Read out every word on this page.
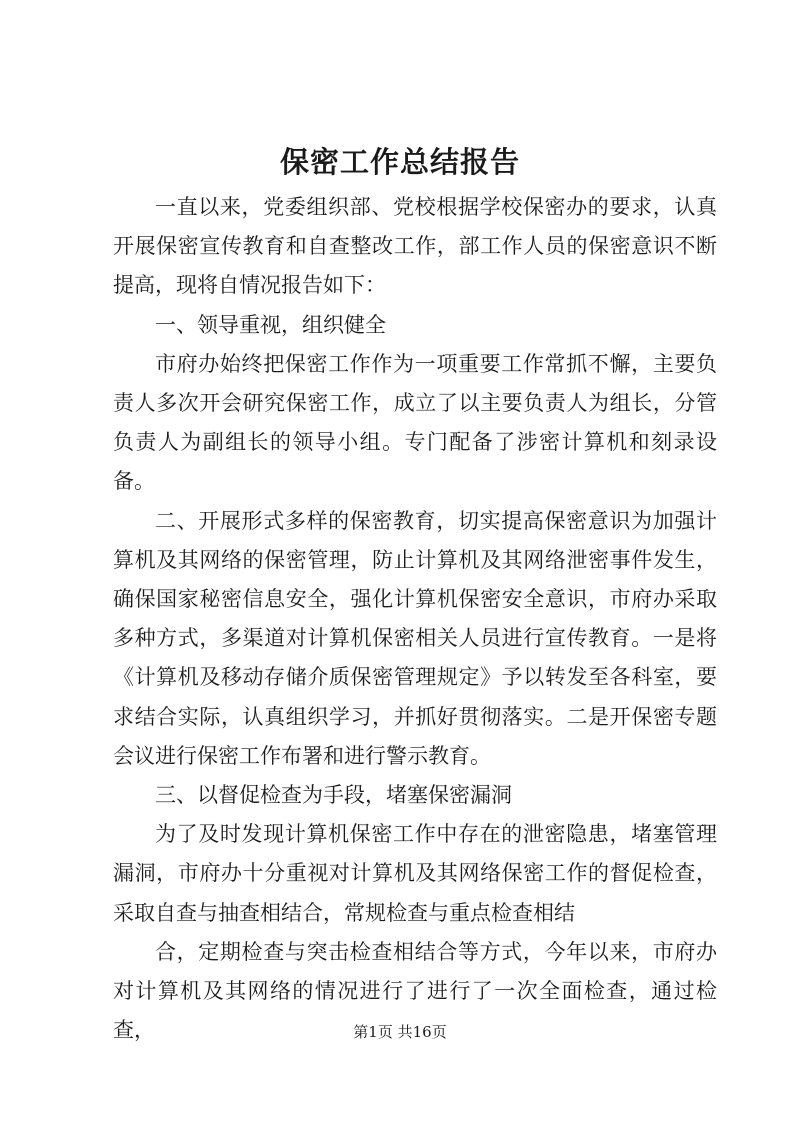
保密工作总结报告

一直以来，党委组织部、党校根据学校保密办的要求，认真开展保密宣传教育和自查整改工作，部工作人员的保密意识不断提高，现将自情况报告如下：

一、领导重视，组织健全

市府办始终把保密工作作为一项重要工作常抓不懈，主要负责人多次开会研究保密工作，成立了以主要负责人为组长，分管负责人为副组长的领导小组。专门配备了涉密计算机和刻录设备。

二、开展形式多样的保密教育，切实提高保密意识为加强计算机及其网络的保密管理，防止计算机及其网络泄密事件发生，确保国家秘密信息安全，强化计算机保密安全意识，市府办采取多种方式，多渠道对计算机保密相关人员进行宣传教育。一是将《计算机及移动存储介质保密管理规定》予以转发至各科室，要求结合实际，认真组织学习，并抓好贯彻落实。二是开保密专题会议进行保密工作布署和进行警示教育。

三、以督促检查为手段，堵塞保密漏洞

为了及时发现计算机保密工作中存在的泄密隐患，堵塞管理漏洞，市府办十分重视对计算机及其网络保密工作的督促检查，采取自查与抽查相结合，常规检查与重点检查相结

合，定期检查与突击检查相结合等方式，今年以来，市府办对计算机及其网络的情况进行了进行了一次全面检查，通过检查，	第1页 共16页
